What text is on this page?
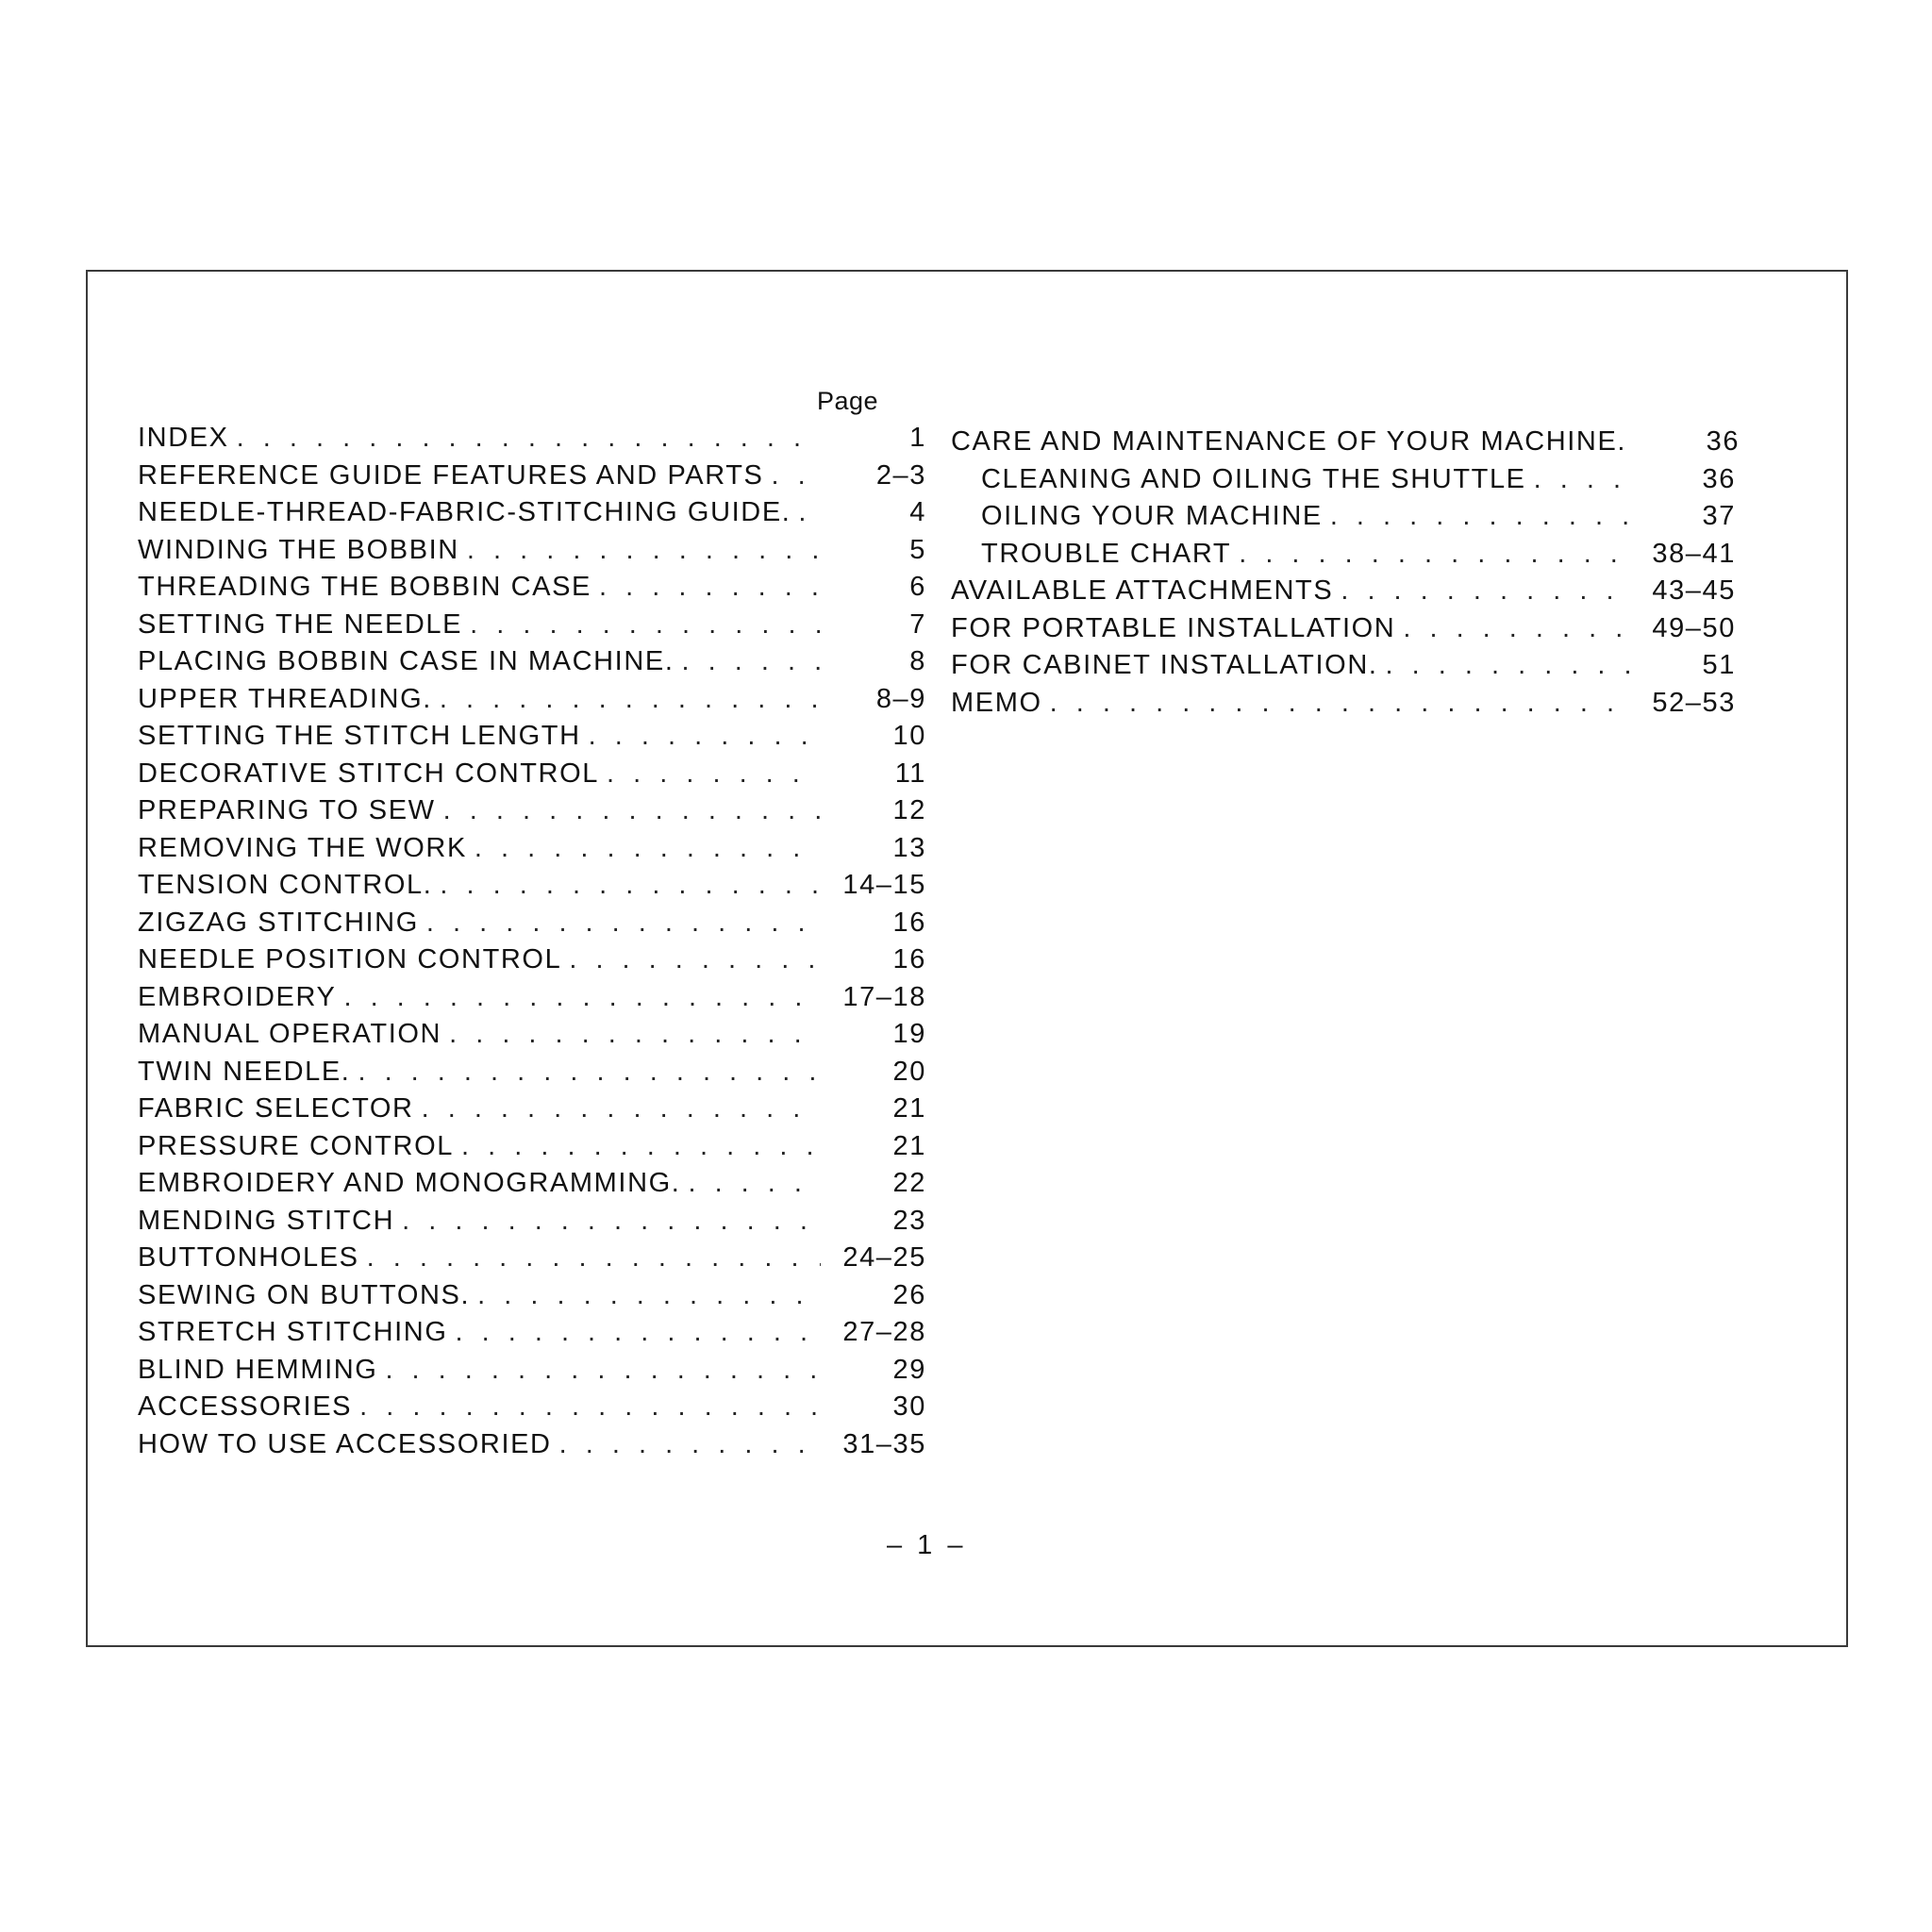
Page
INDEX . . .	1
REFERENCE GUIDE FEATURES AND PARTS . . .	2–3
NEEDLE-THREAD-FABRIC-STITCHING GUIDE. . . .	4
WINDING THE BOBBIN . . .	5
THREADING THE BOBBIN CASE . . .	6
SETTING THE NEEDLE . . .	7
PLACING BOBBIN CASE IN MACHINE. . . .	8
UPPER THREADING. . . .	8–9
SETTING THE STITCH LENGTH . . .	10
DECORATIVE STITCH CONTROL . . .	11
PREPARING TO SEW . . .	12
REMOVING THE WORK . . .	13
TENSION CONTROL. . . .	14–15
ZIGZAG STITCHING . . .	16
NEEDLE POSITION CONTROL . . .	16
EMBROIDERY . . .	17–18
MANUAL OPERATION . . .	19
TWIN NEEDLE. . . .	20
FABRIC SELECTOR . . .	21
PRESSURE CONTROL . . .	21
EMBROIDERY AND MONOGRAMMING. . . .	22
MENDING STITCH . . .	23
BUTTONHOLES . . .	24–25
SEWING ON BUTTONS. . . .	26
STRETCH STITCHING . . .	27–28
BLIND HEMMING . . .	29
ACCESSORIES . . .	30
HOW TO USE ACCESSORIED . . .	31–35
CARE AND MAINTENANCE OF YOUR MACHINE.	36
CLEANING AND OILING THE SHUTTLE . . .	36
OILING YOUR MACHINE . . .	37
TROUBLE CHART . . .	38–41
AVAILABLE ATTACHMENTS . . .	43–45
FOR PORTABLE INSTALLATION . . .	49–50
FOR CABINET INSTALLATION. . . .	51
MEMO . . .	52–53
– 1 –
